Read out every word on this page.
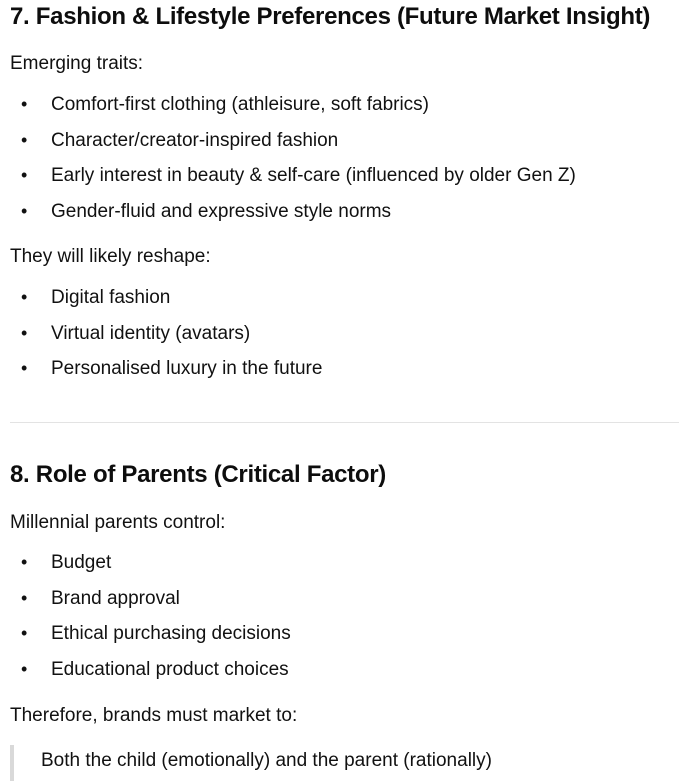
7. Fashion & Lifestyle Preferences (Future Market Insight)
Emerging traits:
• Comfort-first clothing (athleisure, soft fabrics)
• Character/creator-inspired fashion
• Early interest in beauty & self-care (influenced by older Gen Z)
• Gender-fluid and expressive style norms
They will likely reshape:
• Digital fashion
• Virtual identity (avatars)
• Personalised luxury in the future
8. Role of Parents (Critical Factor)
Millennial parents control:
• Budget
• Brand approval
• Ethical purchasing decisions
• Educational product choices
Therefore, brands must market to:
Both the child (emotionally) and the parent (rationally)
